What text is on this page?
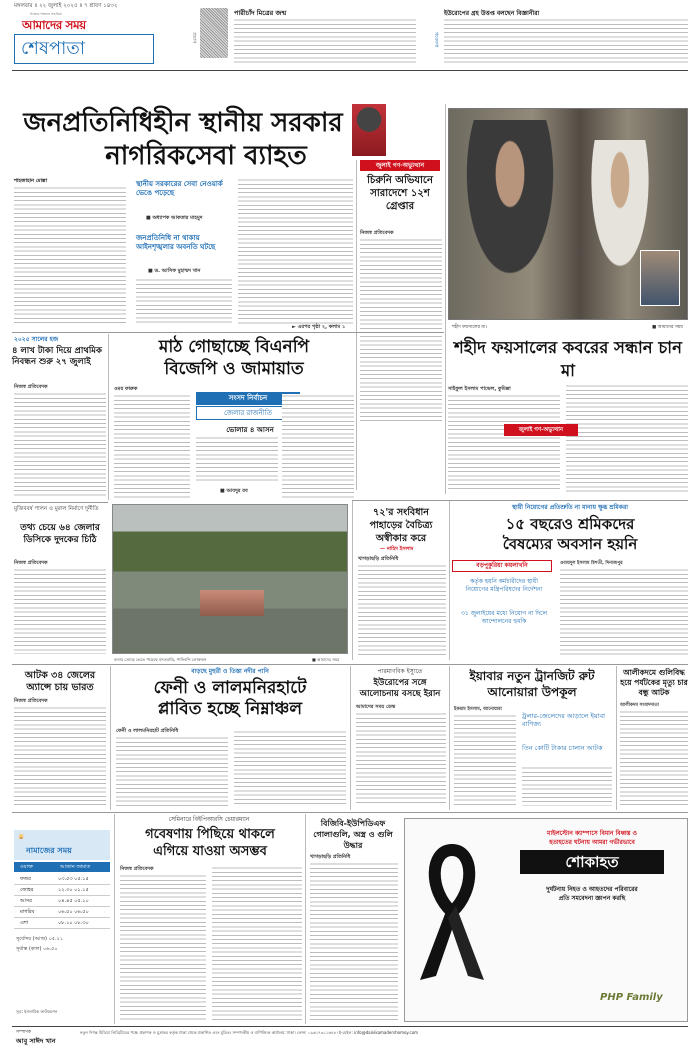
মঙ্গলবার ॥ ২২ জুলাই ২০২৫ ॥ ৭ শ্রাবণ ১৪৩২
সত্যের সন্ধানে সবসময়
আমাদের সময়
শেষপাতা
প্রয়াণ
পারীচাঁদ মিত্রের জন্ম
গবেষণা
ইউরোপের গ্রহ উত্তপ্ত বলছেন বিজ্ঞানীরা
জনপ্রতিনিধিহীন স্থানীয় সরকার
নাগরিকসেবা ব্যাহত
শাহজাহান মোল্লা	স্থানীয় সরকারের সেবা নেওয়ার্ক ভেঙে পড়েছে
■ অধ্যাপক আকতার মাহমুদ
জনপ্রতিনিধি না থাকায় আইনশৃঙ্খলার অবনতি ঘটছে
■ ড. আসিফ মুহাম্মদ খান
► এরপর পৃষ্ঠা ২, কলাম ১
জুলাই গণ-অভ্যুত্থান
চিরুনি অভিযানে সারাদেশে ১২শ গ্রেপ্তার
নিজস্ব প্রতিবেদক
শহীদ ফয়সালের মা।	■ আমাদের সময়
শহীদ ফয়সালের কবরের সন্ধান চান মা
সাইফুল ইসলাম পাভেল, কুমিল্লা
জুলাই গণ-অভ্যুত্থান
২০২৫ সালের হজ
৪ লাখ টাকা দিয়ে প্রাথমিক নিবন্ধন শুরু ২৭ জুলাই
নিজস্ব প্রতিবেদক
মাঠ গোছাচ্ছে বিএনপি
বিজেপি ও জামায়াত
ওমর ফারুক
সংসদ নির্বাচন
জেলার রাজনীতি
ভোলার ৪ আসন
■ আবদুর রব
মুজিববর্ষ পালন ও মুরাল নির্মাণে দুর্নীতি
তথ্য চেয়ে ৬৪ জেলার ডিসিকে দুদকের চিঠি
নিজস্ব প্রতিবেদক
বন্যার তোড়ে ভেঙে পড়েছে বসতবাড়ি, পানিবন্দি লোকজন	■ আমাদের সময়
৭২'র সংবিধান পাহাড়ের বৈচিত্র্য অস্বীকার করে
— নাহিদ ইসলাম
খাগড়াছড়ি প্রতিনিধি
স্থায়ী নিয়োগের প্রতিশ্রুতি না মানায় ক্ষুব্ধ শ্রমিকরা
১৫ বছরেও শ্রমিকদের
বৈষম্যের অবসান হয়নি
বড়পুকুরিয়া কয়লাখনি
কর্তৃক হয়নি কর্মচারীদের স্থায়ী নিয়োগের মন্ত্রিপরিষদের নির্দেশনা
৩১ জুলাইয়ের মধ্যে নিয়োগ না দিলে আন্দোলনের হুমকি
ওবায়দুল ইসলাম চিশতী, দিনাজপুর
আটক ৩৪ জেলের অ্যান্সে চায় ভারত
নিজস্ব প্রতিবেদক
বাড়ছে মুহুরী ও তিস্তা নদীর পানি
ফেনী ও লালমনিরহাটে
প্লাবিত হচ্ছে নিম্নাঞ্চল
ফেনী ও লালমনিরহাট প্রতিনিধি
পারমাণবিক ইস্যুতে
ইউরোপের সঙ্গে আলোচনায় বসছে ইরান
আমাদের সময় ডেস্ক
ইয়াবার নতুন ট্রানজিট রুট আনোয়ারা উপকূল
ইকরাম ইসলাম, আনোয়ারা
ট্রলার-জেলেদের আড়ালে ইয়াবা বাণিজ্য
তিন কোটি টাকার চালান আটক
আলীকদমে গুলিবিদ্ধ হয়ে পর্যটকের মৃত্যু চার বন্ধু আটক
আলীকদম সংবাদদাতা
🕌
নামাজের সময়
ওয়াক্ত	আজান জামাত
ফজর	০৩.৫৩ ০৫.১৫
জোহর	১২.৩০ ০১.১৫
আসর	০৪.৪৫ ০৫.১০
মাগরিব	০৬.৫০ ০৬.৫০
এশা	০৮.১০ ০৮.৩০
সূর্যোদয় (আজ) ০৫.২১
সূর্যাস্ত (কাল) ০৬.৫০
সূত্র: ইসলামিক ফাউন্ডেশন
সেমিনারে বিইপিআরসি চেয়ারম্যান
গবেষণায় পিছিয়ে থাকলে
এগিয়ে যাওয়া অসম্ভব
নিজস্ব প্রতিবেদক
বিজিবি-ইউপিডিএফ গোলাগুলি, অস্ত্র ও গুলি উদ্ধার
খাগড়াছড়ি প্রতিনিধি
মাইলস্টোন ক্যাম্পাসে বিমান বিধ্বস্ত ও
হতাহতের ঘটনায় আমরা গভীরভাবে
শোকাহত
দুর্ঘটনায় নিহত ও আহতদের পরিবারের
প্রতি সমবেদনা জ্ঞাপন করছি
PHP Family
সম্পাদক
আবু সাঈদ খান
নতুন দিগন্ত মিডিয়া লিমিটেডের পক্ষে প্রকাশক ও মুদ্রাকর কর্তৃক ঢাকা থেকে প্রকাশিত এবং মুদ্রিত। সম্পাদকীয় ও বাণিজ্যিক কার্যালয়: ঢাকা। ফোন: ০৯৬১৭৩১১৬৮৮। ই-মেইল: info@dainikamadershomoy.com
